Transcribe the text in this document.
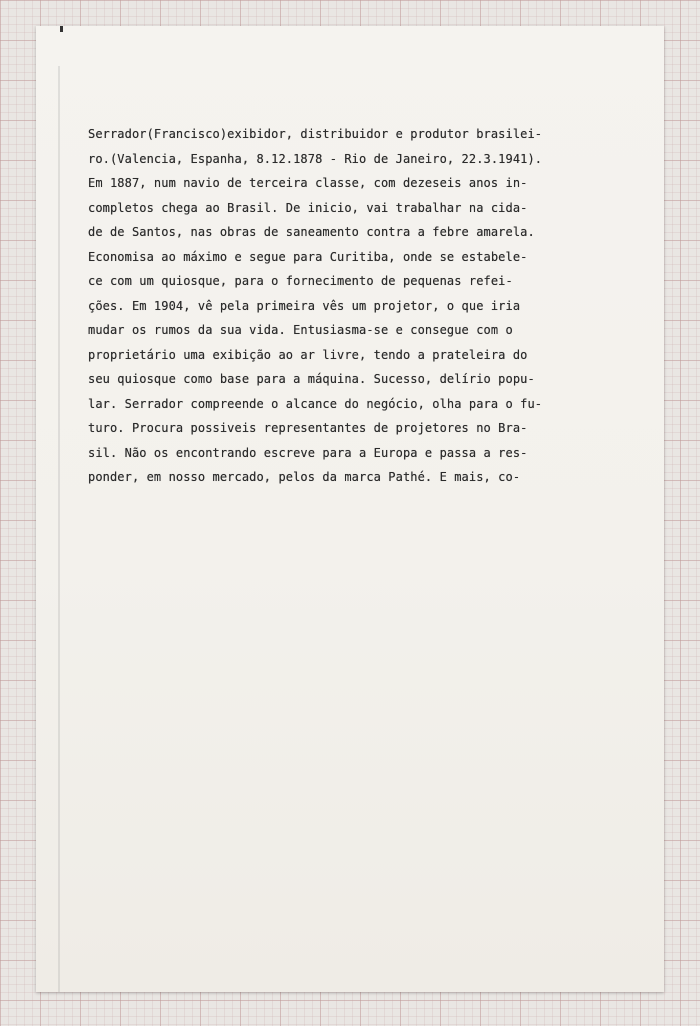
Serrador(Francisco)exibidor, distribuidor e produtor brasilei-
ro.(Valencia, Espanha, 8.12.1878 - Rio de Janeiro, 22.3.1941).
Em 1887, num navio de terceira classe, com dezeseis anos in-
completos chega ao Brasil. De inicio, vai trabalhar na cida-
de de Santos, nas obras de saneamento contra a febre amarela.
Economisa ao máximo e segue para Curitiba, onde se estabele-
ce com um quiosque, para o fornecimento de pequenas refei-
ções. Em 1904, vê pela primeira vês um projetor, o que iria
mudar os rumos da sua vida. Entusiasma-se e consegue com o
proprietário uma exibição ao ar livre, tendo a prateleira do
seu quiosque como base para a máquina. Sucesso, delírio popu-
lar. Serrador compreende o alcance do negócio, olha para o fu-
turo. Procura possiveis representantes de projetores no Bra-
sil. Não os encontrando escreve para a Europa e passa a res-
ponder, em nosso mercado, pelos da marca Pathé. E mais, co-
